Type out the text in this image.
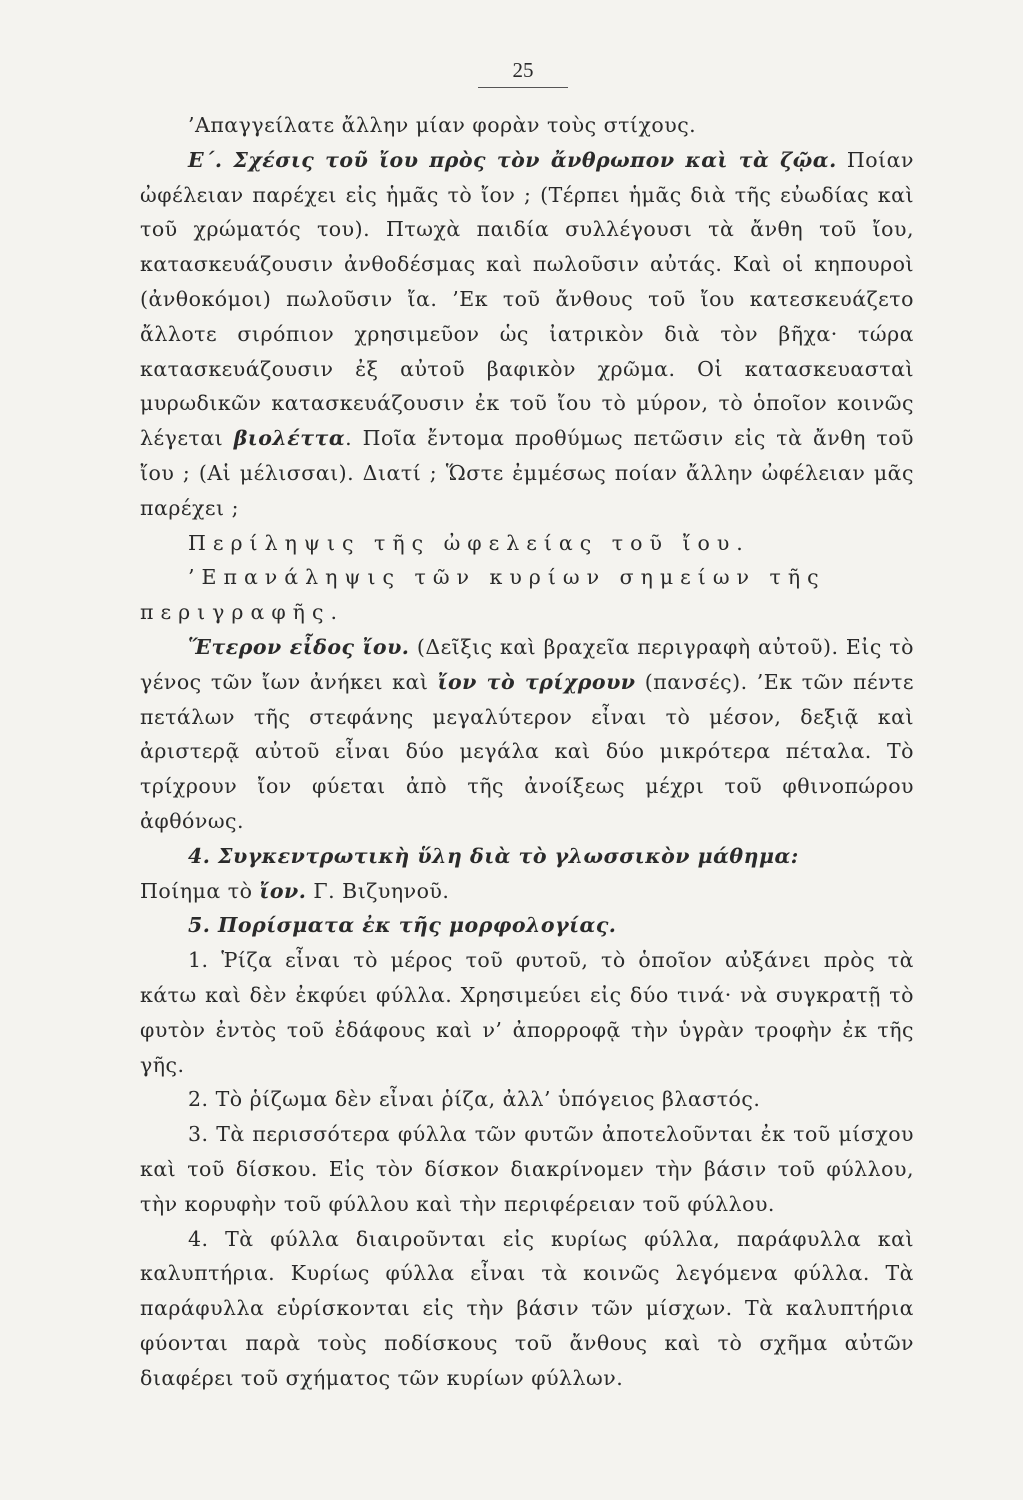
25

’Απαγγείλατε ἄλλην μίαν φορὰν τοὺς στίχους.

Ε΄. Σχέσις τοῦ ἴου πρὸς τὸν ἄνθρωπον καὶ τὰ ζῷα. Ποίαν ὠφέλειαν παρέχει εἰς ἡμᾶς τὸ ἴον ; (Τέρπει ἡμᾶς διὰ τῆς εὐωδίας καὶ τοῦ χρώματός του). Πτωχὰ παιδία συλλέγουσι τὰ ἄνθη τοῦ ἴου, κατασκευάζουσιν ἀνθοδέσμας καὶ πωλοῦσιν αὐτάς. Καὶ οἱ κηπουροὶ (ἀνθοκόμοι) πωλοῦσιν ἴα. ’Εκ τοῦ ἄνθους τοῦ ἴου κατεσκευάζετο ἄλλοτε σιρόπιον χρησιμεῦον ὡς ἰατρικὸν διὰ τὸν βῆχα· τώρα κατασκευάζουσιν ἐξ αὐτοῦ βαφικὸν χρῶμα. Οἱ κατασκευασταὶ μυρωδικῶν κατασκευάζουσιν ἐκ τοῦ ἴου τὸ μύρον, τὸ ὁποῖον κοινῶς λέγεται βιολέττα. Ποῖα ἔντομα προθύμως πετῶσιν εἰς τὰ ἄνθη τοῦ ἴου ; (Αἱ μέλισσαι). Διατί ; Ὥστε ἐμμέσως ποίαν ἄλλην ὠφέλειαν μᾶς παρέχει ;

Περίληψις τῆς ὠφελείας τοῦ ἴου.

’Επανάληψις τῶν κυρίων σημείων τῆς περιγραφῆς.

Ἕτερον εἶδος ἴου. (Δεῖξις καὶ βραχεῖα περιγραφὴ αὐτοῦ). Εἰς τὸ γένος τῶν ἴων ἀνήκει καὶ ἴον τὸ τρίχρουν (πανσές). ’Εκ τῶν πέντε πετάλων τῆς στεφάνης μεγαλύτερον εἶναι τὸ μέσον, δεξιᾷ καὶ ἀριστερᾷ αὐτοῦ εἶναι δύο μεγάλα καὶ δύο μικρότερα πέταλα. Τὸ τρίχρουν ἴον φύεται ἀπὸ τῆς ἀνοίξεως μέχρι τοῦ φθινοπώρου ἀφθόνως.

4. Συγκεντρωτικὴ ὕλη διὰ τὸ γλωσσικὸν μάθημα:

Ποίημα τὸ ἴον. Γ. Βιζυηνοῦ.

5. Πορίσματα ἐκ τῆς μορφολογίας.

1. Ῥίζα εἶναι τὸ μέρος τοῦ φυτοῦ, τὸ ὁποῖον αὐξάνει πρὸς τὰ κάτω καὶ δὲν ἐκφύει φύλλα. Χρησιμεύει εἰς δύο τινά· νὰ συγκρατῇ τὸ φυτὸν ἐντὸς τοῦ ἐδάφους καὶ ν’ ἀπορροφᾷ τὴν ὑγρὰν τροφὴν ἐκ τῆς γῆς.

2. Τὸ ῥίζωμα δὲν εἶναι ῥίζα, ἀλλ’ ὑπόγειος βλαστός.

3. Τὰ περισσότερα φύλλα τῶν φυτῶν ἀποτελοῦνται ἐκ τοῦ μίσχου καὶ τοῦ δίσκου. Εἰς τὸν δίσκον διακρίνομεν τὴν βάσιν τοῦ φύλλου, τὴν κορυφὴν τοῦ φύλλου καὶ τὴν περιφέρειαν τοῦ φύλλου.

4. Τὰ φύλλα διαιροῦνται εἰς κυρίως φύλλα, παράφυλλα καὶ καλυπτήρια. Κυρίως φύλλα εἶναι τὰ κοινῶς λεγόμενα φύλλα. Τὰ παράφυλλα εὑρίσκονται εἰς τὴν βάσιν τῶν μίσχων. Τὰ καλυπτήρια φύονται παρὰ τοὺς ποδίσκους τοῦ ἄνθους καὶ τὸ σχῆμα αὐτῶν διαφέρει τοῦ σχήματος τῶν κυρίων φύλλων.
